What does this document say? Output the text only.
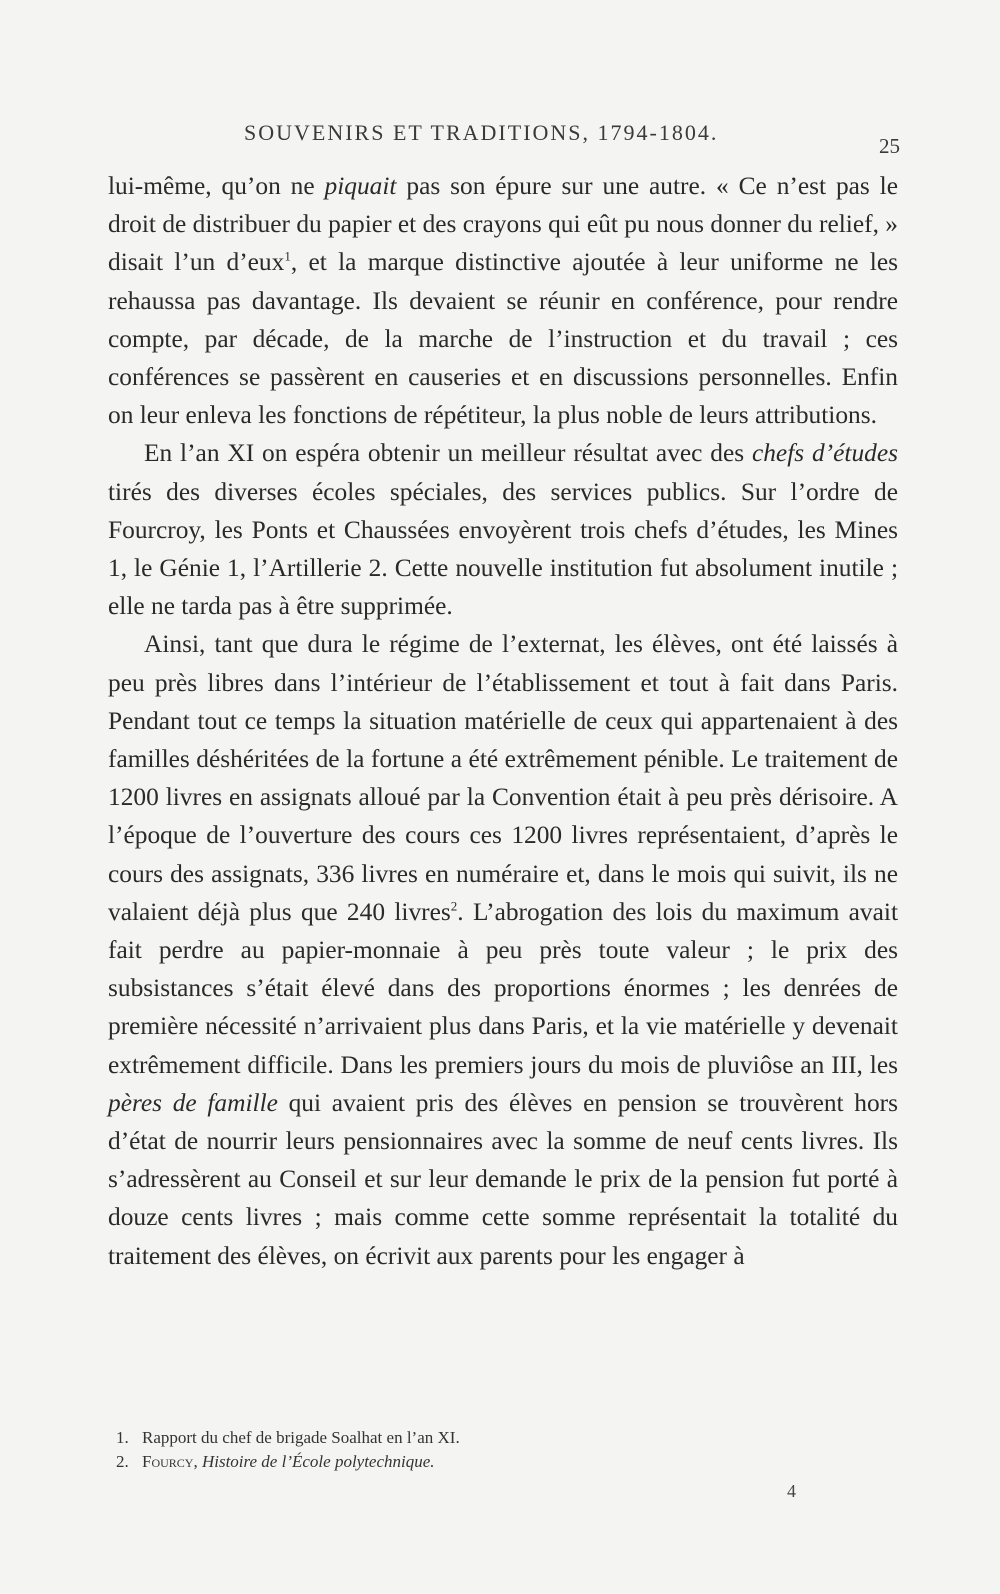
SOUVENIRS ET TRADITIONS, 1794-1804.
25

lui-même, qu’on ne piquait pas son épure sur une autre. « Ce n’est pas le droit de distribuer du papier et des crayons qui eût pu nous donner du relief, » disait l’un d’eux$^1$, et la marque distinctive ajoutée à leur uniforme ne les rehaussa pas davantage. Ils devaient se réunir en conférence, pour rendre compte, par décade, de la marche de l’instruction et du travail ; ces conférences se passèrent en causeries et en discussions personnelles. Enfin on leur enleva les fonctions de répétiteur, la plus noble de leurs attributions.

En l’an XI on espéra obtenir un meilleur résultat avec des chefs d’études tirés des diverses écoles spéciales, des services publics. Sur l’ordre de Fourcroy, les Ponts et Chaussées envoyèrent trois chefs d’études, les Mines 1, le Génie 1, l’Artillerie 2. Cette nouvelle institution fut absolument inutile ; elle ne tarda pas à être supprimée.

Ainsi, tant que dura le régime de l’externat, les élèves, ont été laissés à peu près libres dans l’intérieur de l’établissement et tout à fait dans Paris. Pendant tout ce temps la situation matérielle de ceux qui appartenaient à des familles déshéritées de la fortune a été extrêmement pénible. Le traitement de 1200 livres en assignats alloué par la Convention était à peu près dérisoire. A l’époque de l’ouverture des cours ces 1200 livres représentaient, d’après le cours des assignats, 336 livres en numéraire et, dans le mois qui suivit, ils ne valaient déjà plus que 240 livres$^2$. L’abrogation des lois du maximum avait fait perdre au papier-monnaie à peu près toute valeur ; le prix des subsistances s’était élevé dans des proportions énormes ; les denrées de première nécessité n’arrivaient plus dans Paris, et la vie matérielle y devenait extrêmement difficile. Dans les premiers jours du mois de pluviôse an III, les pères de famille qui avaient pris des élèves en pension se trouvèrent hors d’état de nourrir leurs pensionnaires avec la somme de neuf cents livres. Ils s’adressèrent au Conseil et sur leur demande le prix de la pension fut porté à douze cents livres ; mais comme cette somme représentait la totalité du traitement des élèves, on écrivit aux parents pour les engager à

1. Rapport du chef de brigade Soalhat en l’an XI.
2. Fourcy, Histoire de l’École polytechnique.
4
